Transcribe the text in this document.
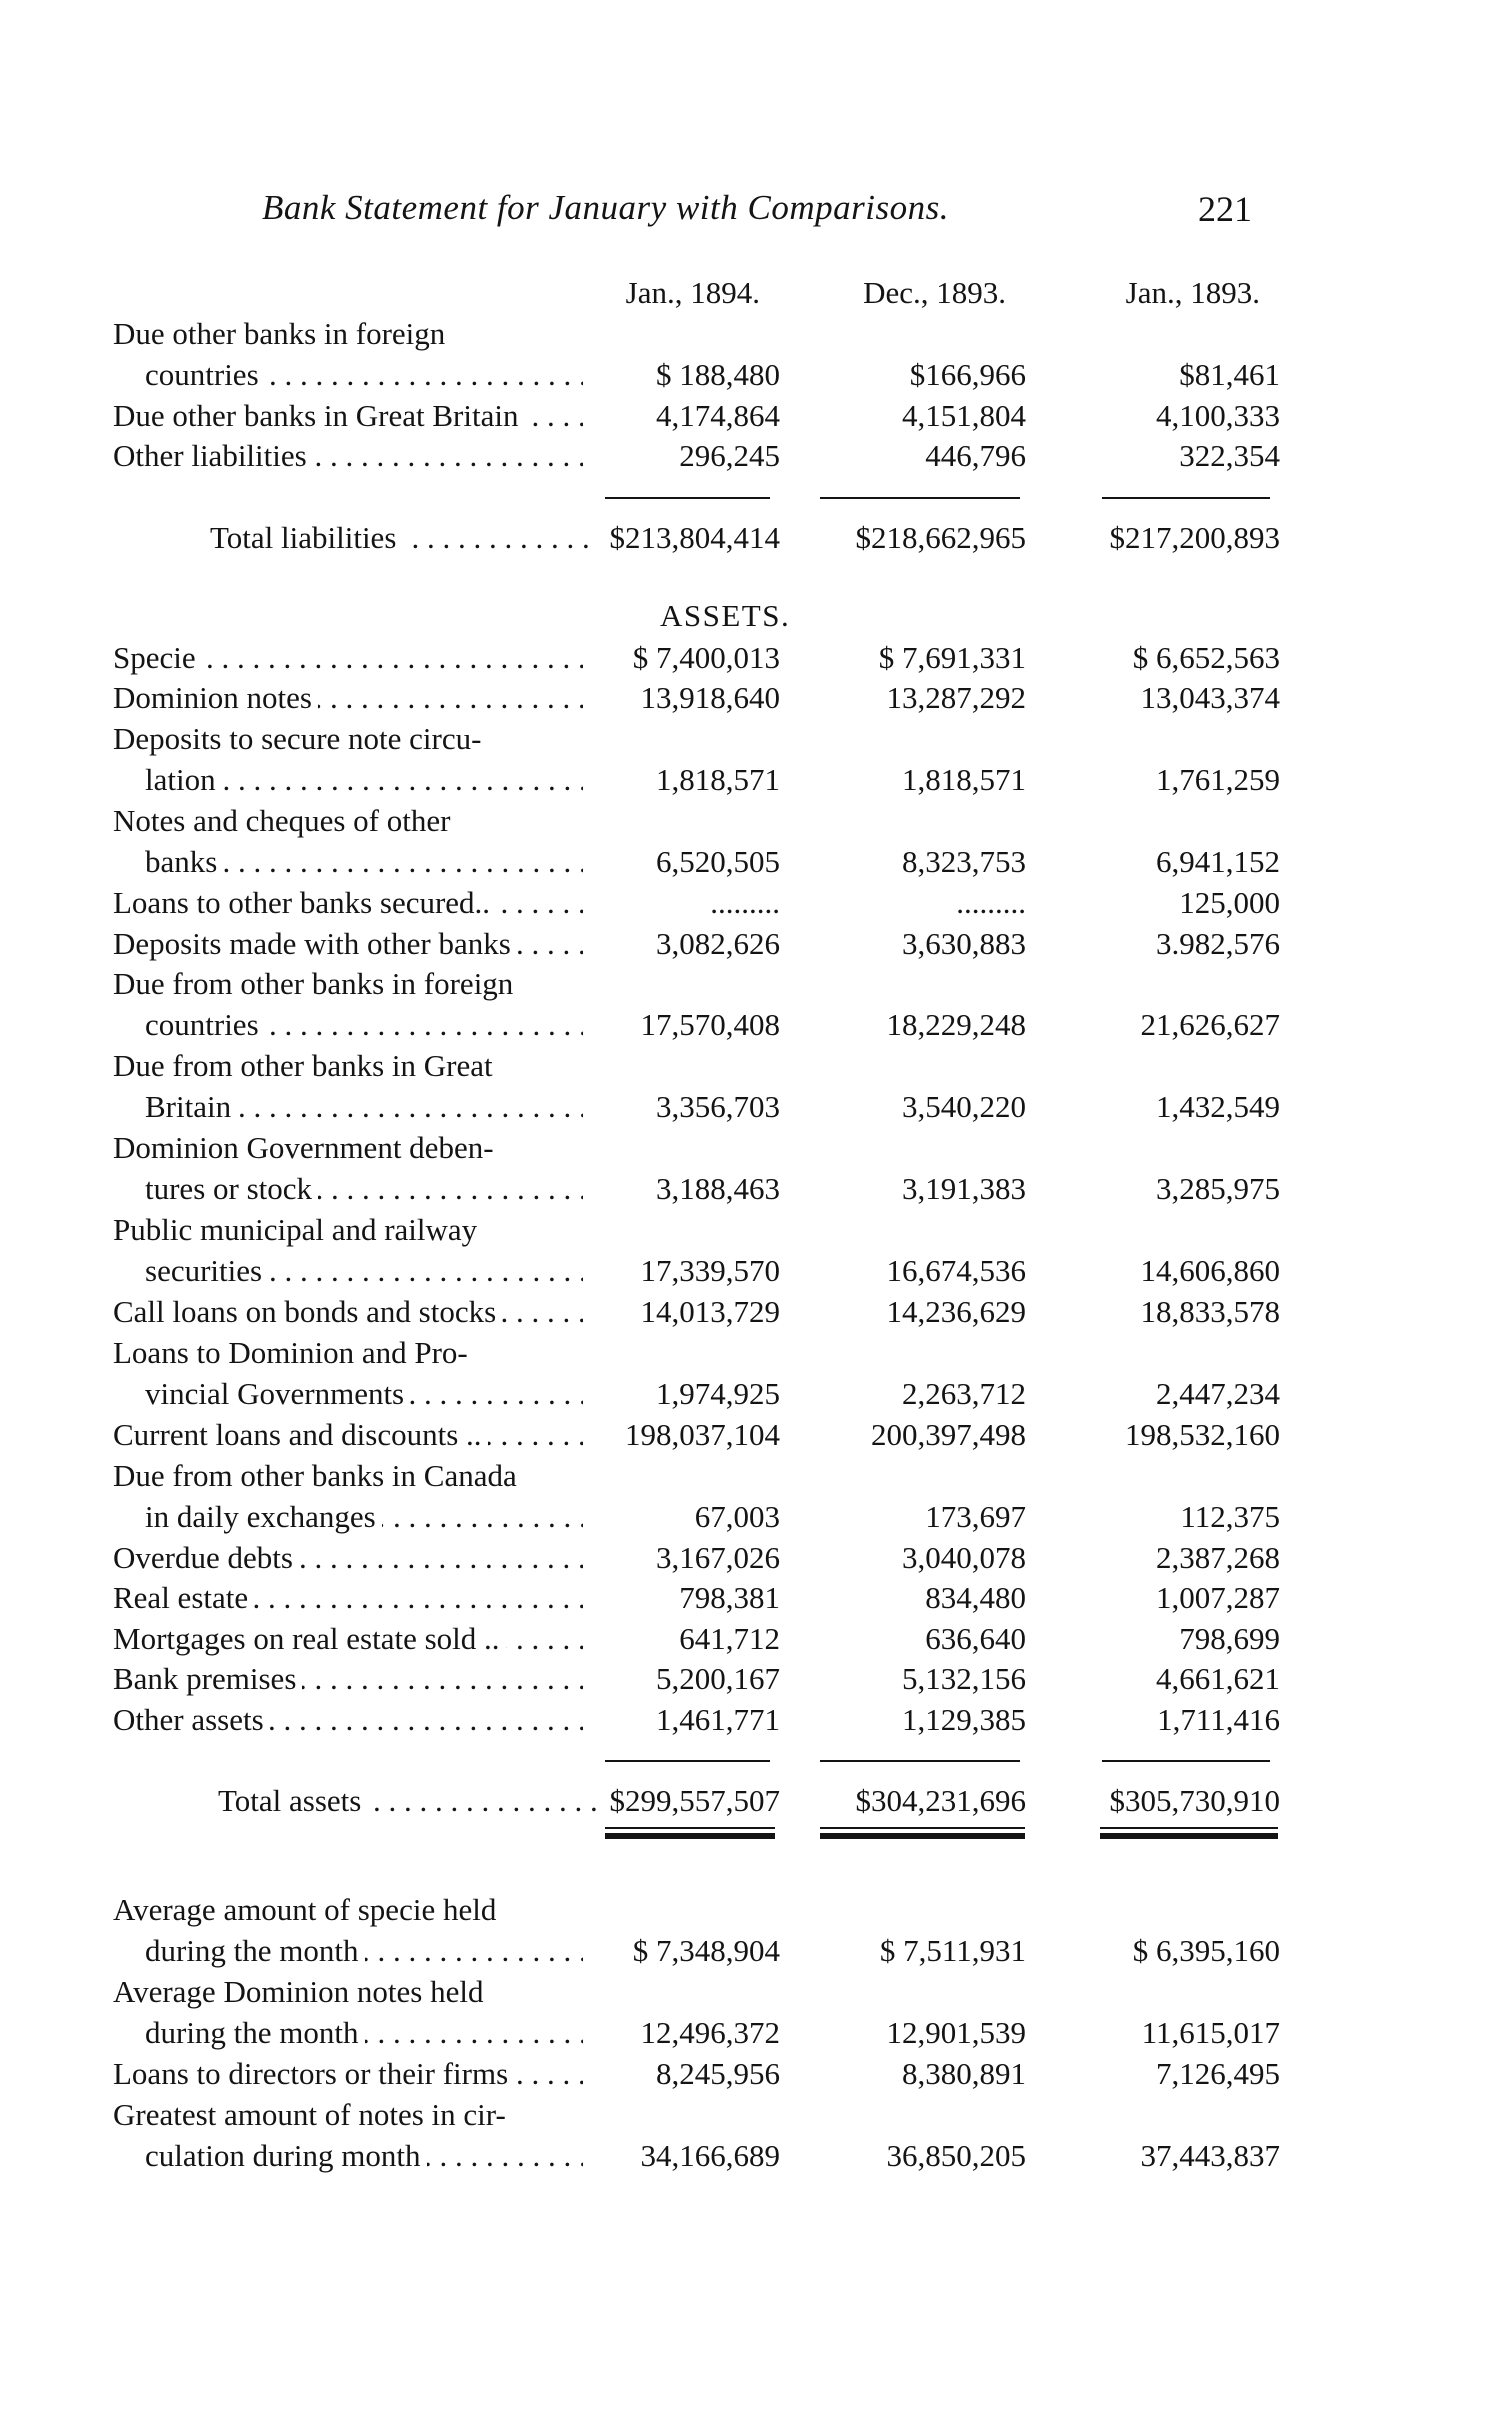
Bank Statement for January with Comparisons.	221
Jan., 1894.	Dec., 1893.	Jan., 1893.
Due other banks in foreign
countries . . .	$ 188,480	$166,966	$81,461
Due other banks in Great Britain . . .	4,174,864	4,151,804	4,100,333
Other liabilities . . .	296,245	446,796	322,354
Total liabilities . . .	$213,804,414	$218,662,965	$217,200,893
Specie . . .	$ 7,400,013	$ 7,691,331	$ 6,652,563
Dominion notes . . .	13,918,640	13,287,292	13,043,374
Deposits to secure note circu-
lation . . .	1,818,571	1,818,571	1,761,259
Notes and cheques of other
banks . . .	6,520,505	8,323,753	6,941,152
Loans to other banks secured.. . . .	.........	.........	125,000
Deposits made with other banks . . .	3,082,626	3,630,883	3.982,576
Due from other banks in foreign
countries . . .	17,570,408	18,229,248	21,626,627
Due from other banks in Great
Britain . . .	3,356,703	3,540,220	1,432,549
Dominion Government deben-
tures or stock . . .	3,188,463	3,191,383	3,285,975
Public municipal and railway
securities . . .	17,339,570	16,674,536	14,606,860
Call loans on bonds and stocks . . .	14,013,729	14,236,629	18,833,578
Loans to Dominion and Pro-
vincial Governments . . .	1,974,925	2,263,712	2,447,234
Current loans and discounts .. . . .	198,037,104	200,397,498	198,532,160
Due from other banks in Canada
in daily exchanges . . .	67,003	173,697	112,375
Overdue debts . . .	3,167,026	3,040,078	2,387,268
Real estate . . .	798,381	834,480	1,007,287
Mortgages on real estate sold .. . . .	641,712	636,640	798,699
Bank premises . . .	5,200,167	5,132,156	4,661,621
Other assets . . .	1,461,771	1,129,385	1,711,416
Total assets . . .	$299,557,507	$304,231,696	$305,730,910
Average amount of specie held
during the month . . .	$ 7,348,904	$ 7,511,931	$ 6,395,160
Average Dominion notes held
during the month . . .	12,496,372	12,901,539	11,615,017
Loans to directors or their firms . . .	8,245,956	8,380,891	7,126,495
Greatest amount of notes in cir-
culation during month . . .	34,166,689	36,850,205	37,443,837
ASSETS.
